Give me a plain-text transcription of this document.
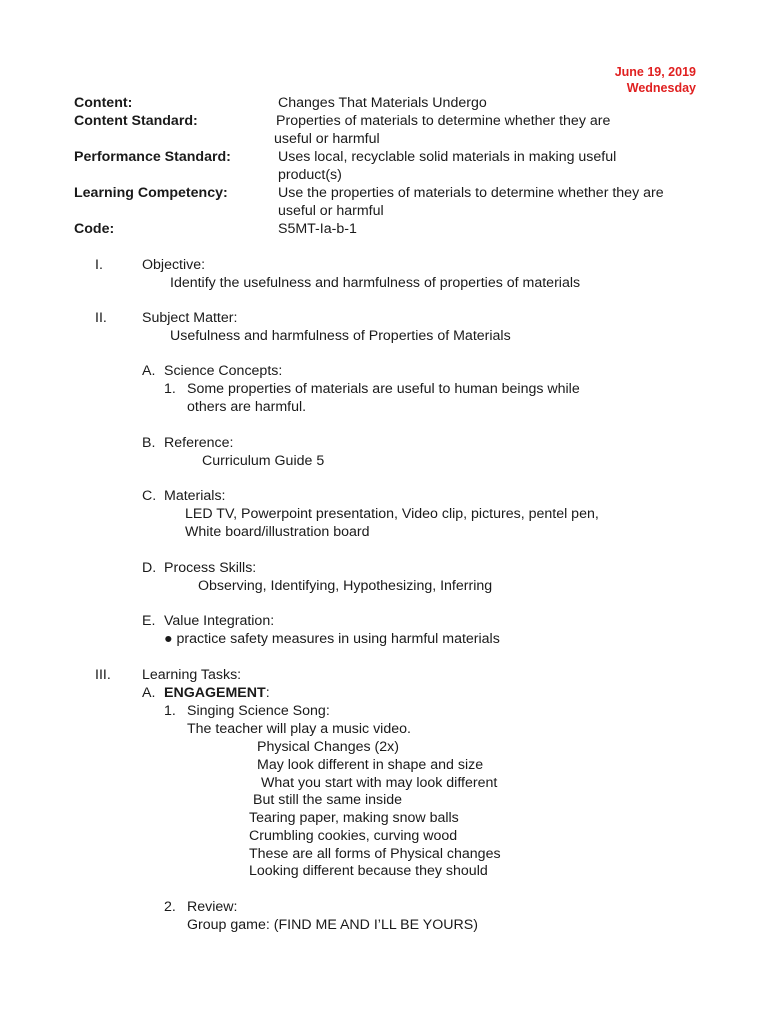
June 19, 2019
Wednesday
Content:	Changes That Materials Undergo
Content Standard:	Properties of materials to determine whether they are
useful or harmful
Performance Standard:	Uses local, recyclable solid materials in making useful
product(s)
Learning Competency:	Use the properties of materials to determine whether they are
useful or harmful
Code:	S5MT-Ia-b-1
I.	Objective:
Identify the usefulness and harmfulness of properties of materials
II. Subject Matter:
Usefulness and harmfulness of Properties of Materials
A. Science Concepts:
1. Some properties of materials are useful to human beings while
others are harmful.
B. Reference:
Curriculum Guide 5
C. Materials:
LED TV, Powerpoint presentation, Video clip, pictures, pentel pen,
White board/illustration board
D. Process Skills:
Observing, Identifying, Hypothesizing, Inferring
E. Value Integration:
● practice safety measures in using harmful materials
III. Learning Tasks:
A. ENGAGEMENT:
1. Singing Science Song:
The teacher will play a music video.
Physical Changes (2x)
May look different in shape and size
What you start with may look different
But still the same inside
Tearing paper, making snow balls
Crumbling cookies, curving wood
These are all forms of Physical changes
Looking different because they should
2. Review:
Group game: (FIND ME AND I’LL BE YOURS)
